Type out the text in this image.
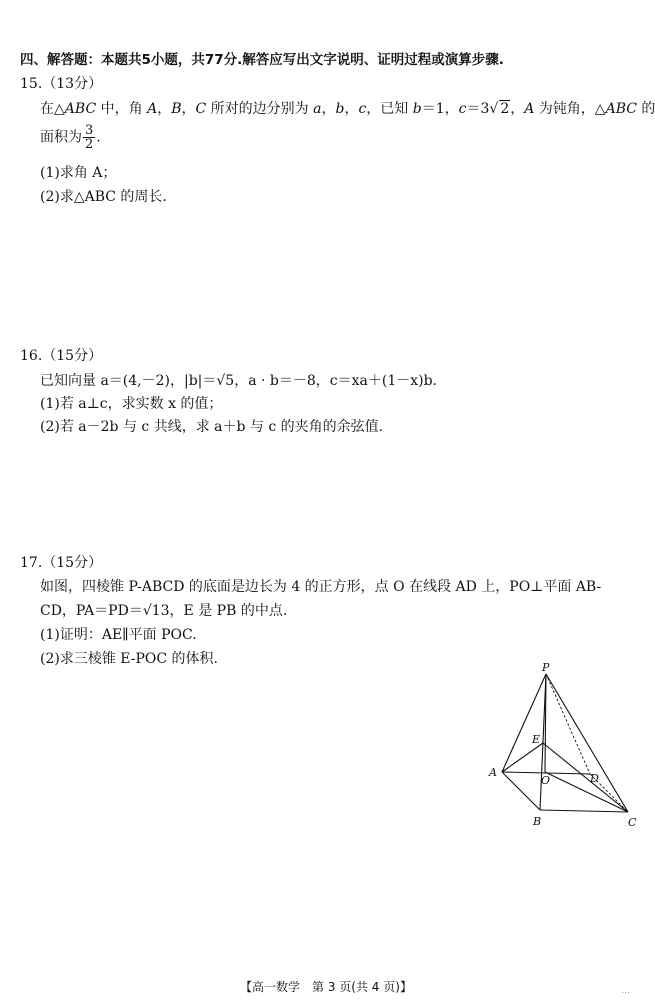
四、解答题：本题共5小题，共77分.解答应写出文字说明、证明过程或演算步骤.
15.（13分）
在△ABC 中，角 A，B，C 所对的边分别为 a，b，c，已知 b＝1，c＝3√ 2，A 为钝角，△ABC 的
面积为 $\frac{3}{2}$ .
(1)求角 A；
(2)求△ABC 的周长.
16.（15分）
已知向量 a＝(4,－2)，|b|＝√5，a · b＝－8，c＝xa＋(1－x)b.
(1)若 a⊥c，求实数 x 的值；
(2)若 a－2b 与 c 共线，求 a＋b 与 c 的夹角的余弦值.
17.（15分）
如图，四棱锥 P-ABCD 的底面是边长为 4 的正方形，点 O 在线段 AD 上，PO⊥平面 AB-
CD，PA＝PD＝√13，E 是 PB 的中点.
(1)证明：AE∥平面 POC.
(2)求三棱锥 E-POC 的体积.
P
E
A
O	D
B	C
【高一数学　第 3 页(共 4 页)】	...
